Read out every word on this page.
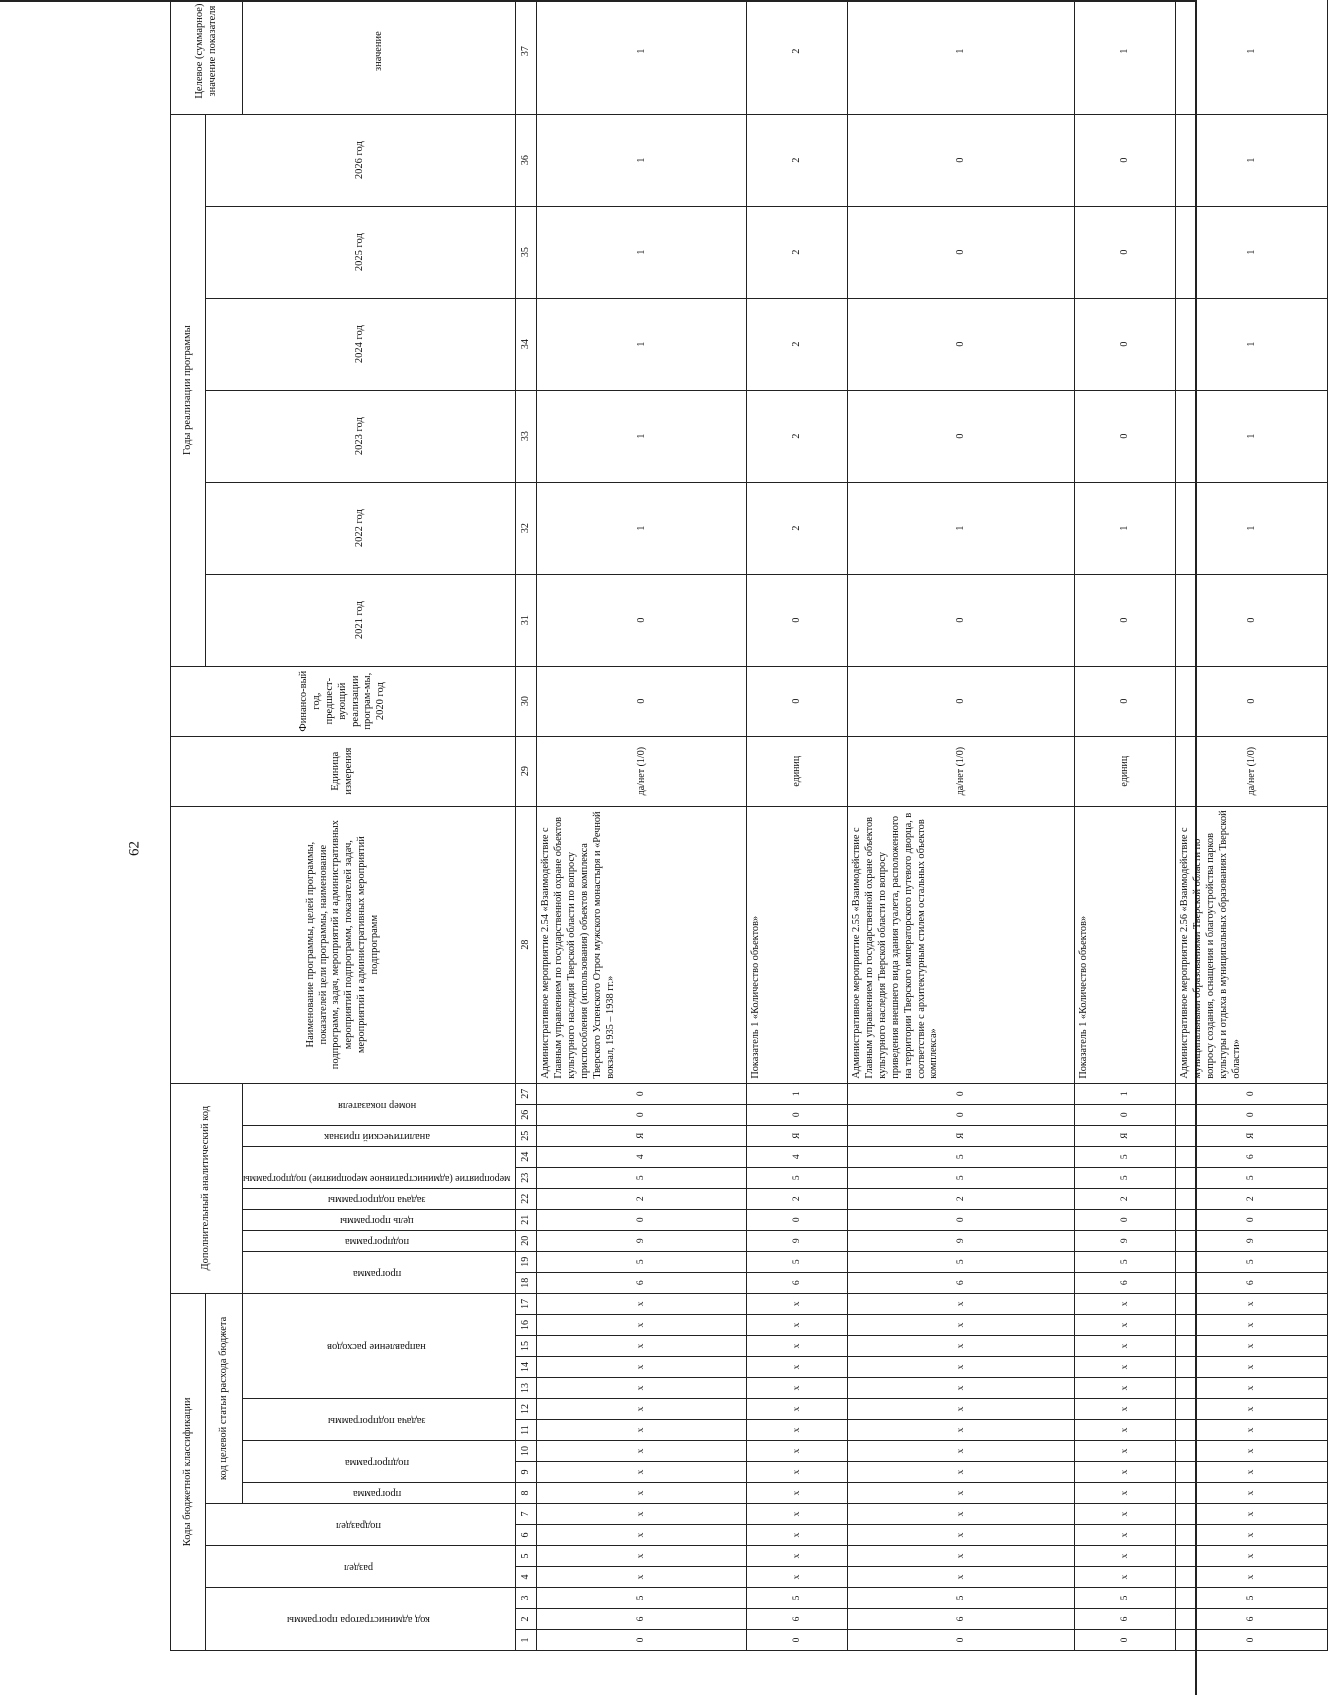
62
Коды бюджетной классификации																	Дополнительный аналитический код										Наименование программы, целей программы, показателей цели программы, наименование подпрограмм, задач, мероприятий и административных мероприятий подпрограмм, показателей задач, мероприятий и административных мероприятий подпрограмм	Единица измерения	Финансо-вый год, предшест-вующий реализации програм-мы, 2020 год	Годы реализации программы						Целевое (суммарное) значение показателя
код администратора программы			раздел		подраздел		код целевой статьи расхода бюджета																							2021 год	2022 год	2023 год	2024 год	2025 год	2026 год	
							программа	подпрограмма		задача подпрограммы		направление расходов					программа		подпрограмма	цель программы	задача подпрограммы	мероприятие (административное мероприятие) подпрограммы		аналитический признак	номер показателя											значение
1	2	3	4	5	6	7	8	9	10	11	12	13	14	15	16	17	18	19	20	21	22	23	24	25	26	27	28	29	30	31	32	33	34	35	36	37
0	6	5	x	x	x	x	x	x	x	x	x	x	x	x	x	x	6	5	9	0	2	5	4	Я	0	0	Административное мероприятие 2.54 «Взаимодействие с Главным управлением по государственной охране объектов культурного наследия Тверской области по вопросу приспособления (использования) объектов комплекса Тверского Успенского Отроч мужского монастыря и «Речной вокзал, 1935 – 1938 гг.»	да/нет (1/0)	0	0	1	1	1	1	1	1
0	6	5	x	x	x	x	x	x	x	x	x	x	x	x	x	x	6	5	9	0	2	5	4	Я	0	1	Показатель 1 «Количество объектов»	единиц	0	0	2	2	2	2	2	2
0	6	5	x	x	x	x	x	x	x	x	x	x	x	x	x	x	6	5	9	0	2	5	5	Я	0	0	Административное мероприятие 2.55 «Взаимодействие с Главным управлением по государственной охране объектов культурного наследия Тверской области по вопросу приведения внешнего вида здания туалета, расположенного на территории Тверского императорского путевого дворца, в соответствие с архитектурным стилем остальных объектов комплекса»	да/нет (1/0)	0	0	1	0	0	0	0	1
0	6	5	x	x	x	x	x	x	x	x	x	x	x	x	x	x	6	5	9	0	2	5	5	Я	0	1	Показатель 1 «Количество объектов»	единиц	0	0	1	0	0	0	0	1
0	6	5	x	x	x	x	x	x	x	x	x	x	x	x	x	x	6	5	9	0	2	5	6	Я	0	0	Административное мероприятие 2.56 «Взаимодействие с муниципальными образованиями Тверской области по вопросу создания, оснащения и благоустройства парков культуры и отдыха в муниципальных образованиях Тверской области»	да/нет (1/0)	0	0	1	1	1	1	1	1
